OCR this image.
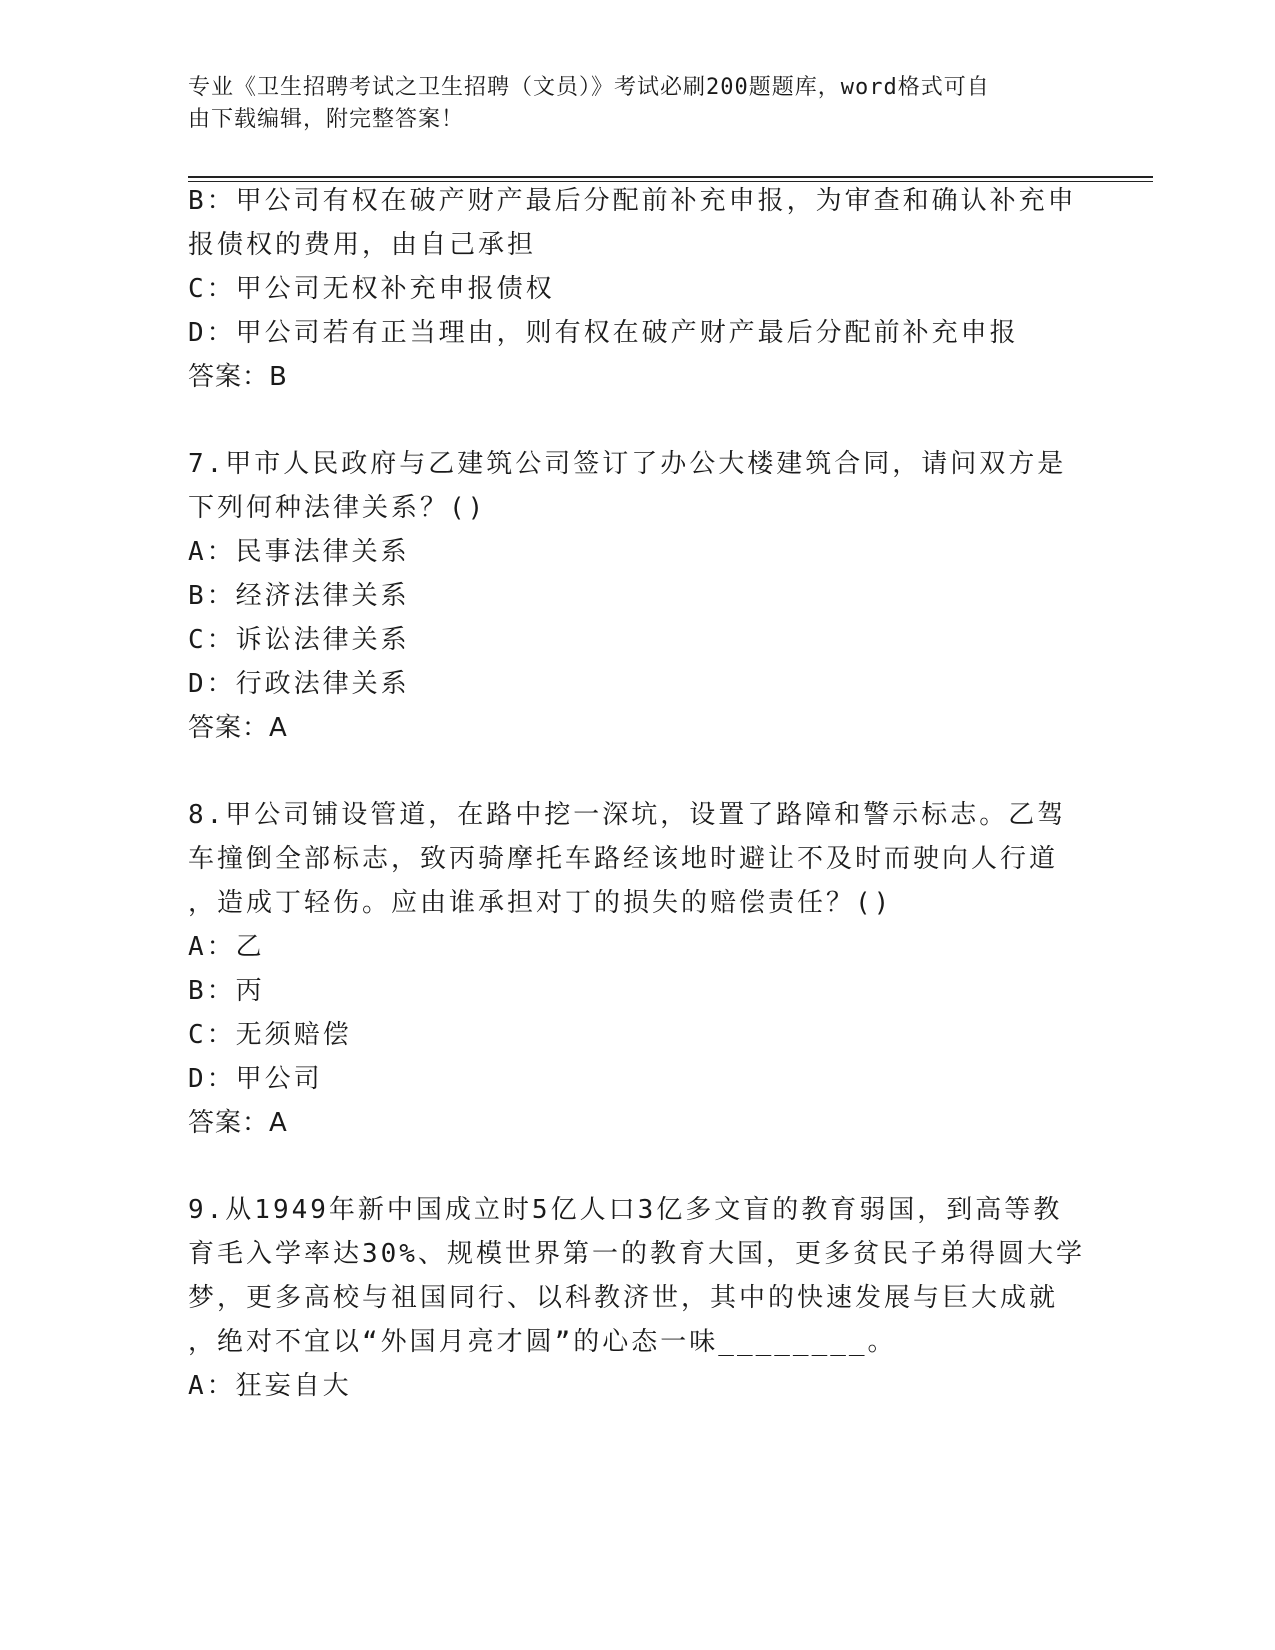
专业《卫生招聘考试之卫生招聘（文员）》考试必刷200题题库，word格式可自
由下载编辑，附完整答案！
B：甲公司有权在破产财产最后分配前补充申报，为审查和确认补充申
报债权的费用，由自己承担
C：甲公司无权补充申报债权
D：甲公司若有正当理由，则有权在破产财产最后分配前补充申报
答案：B
7.甲市人民政府与乙建筑公司签订了办公大楼建筑合同，请问双方是
下列何种法律关系？()
A：民事法律关系
B：经济法律关系
C：诉讼法律关系
D：行政法律关系
答案：A
8.甲公司铺设管道，在路中挖一深坑，设置了路障和警示标志。乙驾
车撞倒全部标志，致丙骑摩托车路经该地时避让不及时而驶向人行道
，造成丁轻伤。应由谁承担对丁的损失的赔偿责任？()
A：乙
B：丙
C：无须赔偿
D：甲公司
答案：A
9.从1949年新中国成立时5亿人口3亿多文盲的教育弱国，到高等教
育毛入学率达30%、规模世界第一的教育大国，更多贫民子弟得圆大学
梦，更多高校与祖国同行、以科教济世，其中的快速发展与巨大成就
，绝对不宜以“外国月亮才圆”的心态一味________。
A：狂妄自大
